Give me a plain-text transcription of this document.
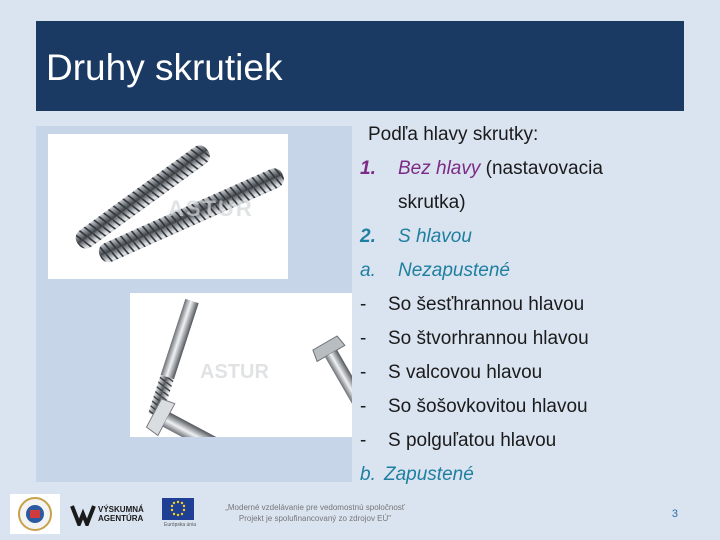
Druhy skrutiek
ASTUR
ASTUR
Podľa hlavy skrutky:
1. Bez hlavy (nastavovacia
skrutka)
2. S hlavou
a. Nezapustené
- So šesťhrannou hlavou
- So štvorhrannou hlavou
- S valcovou hlavou
- So šošovkovitou hlavou
- S polguľatou hlavou
b. Zapustené
VÝSKUMNÁ
AGENTÚRA
Európska únia
„Moderné vzdelávanie pre vedomostnú spoločnosť
Projekt je spolufinancovaný zo zdrojov EÚ"	3
